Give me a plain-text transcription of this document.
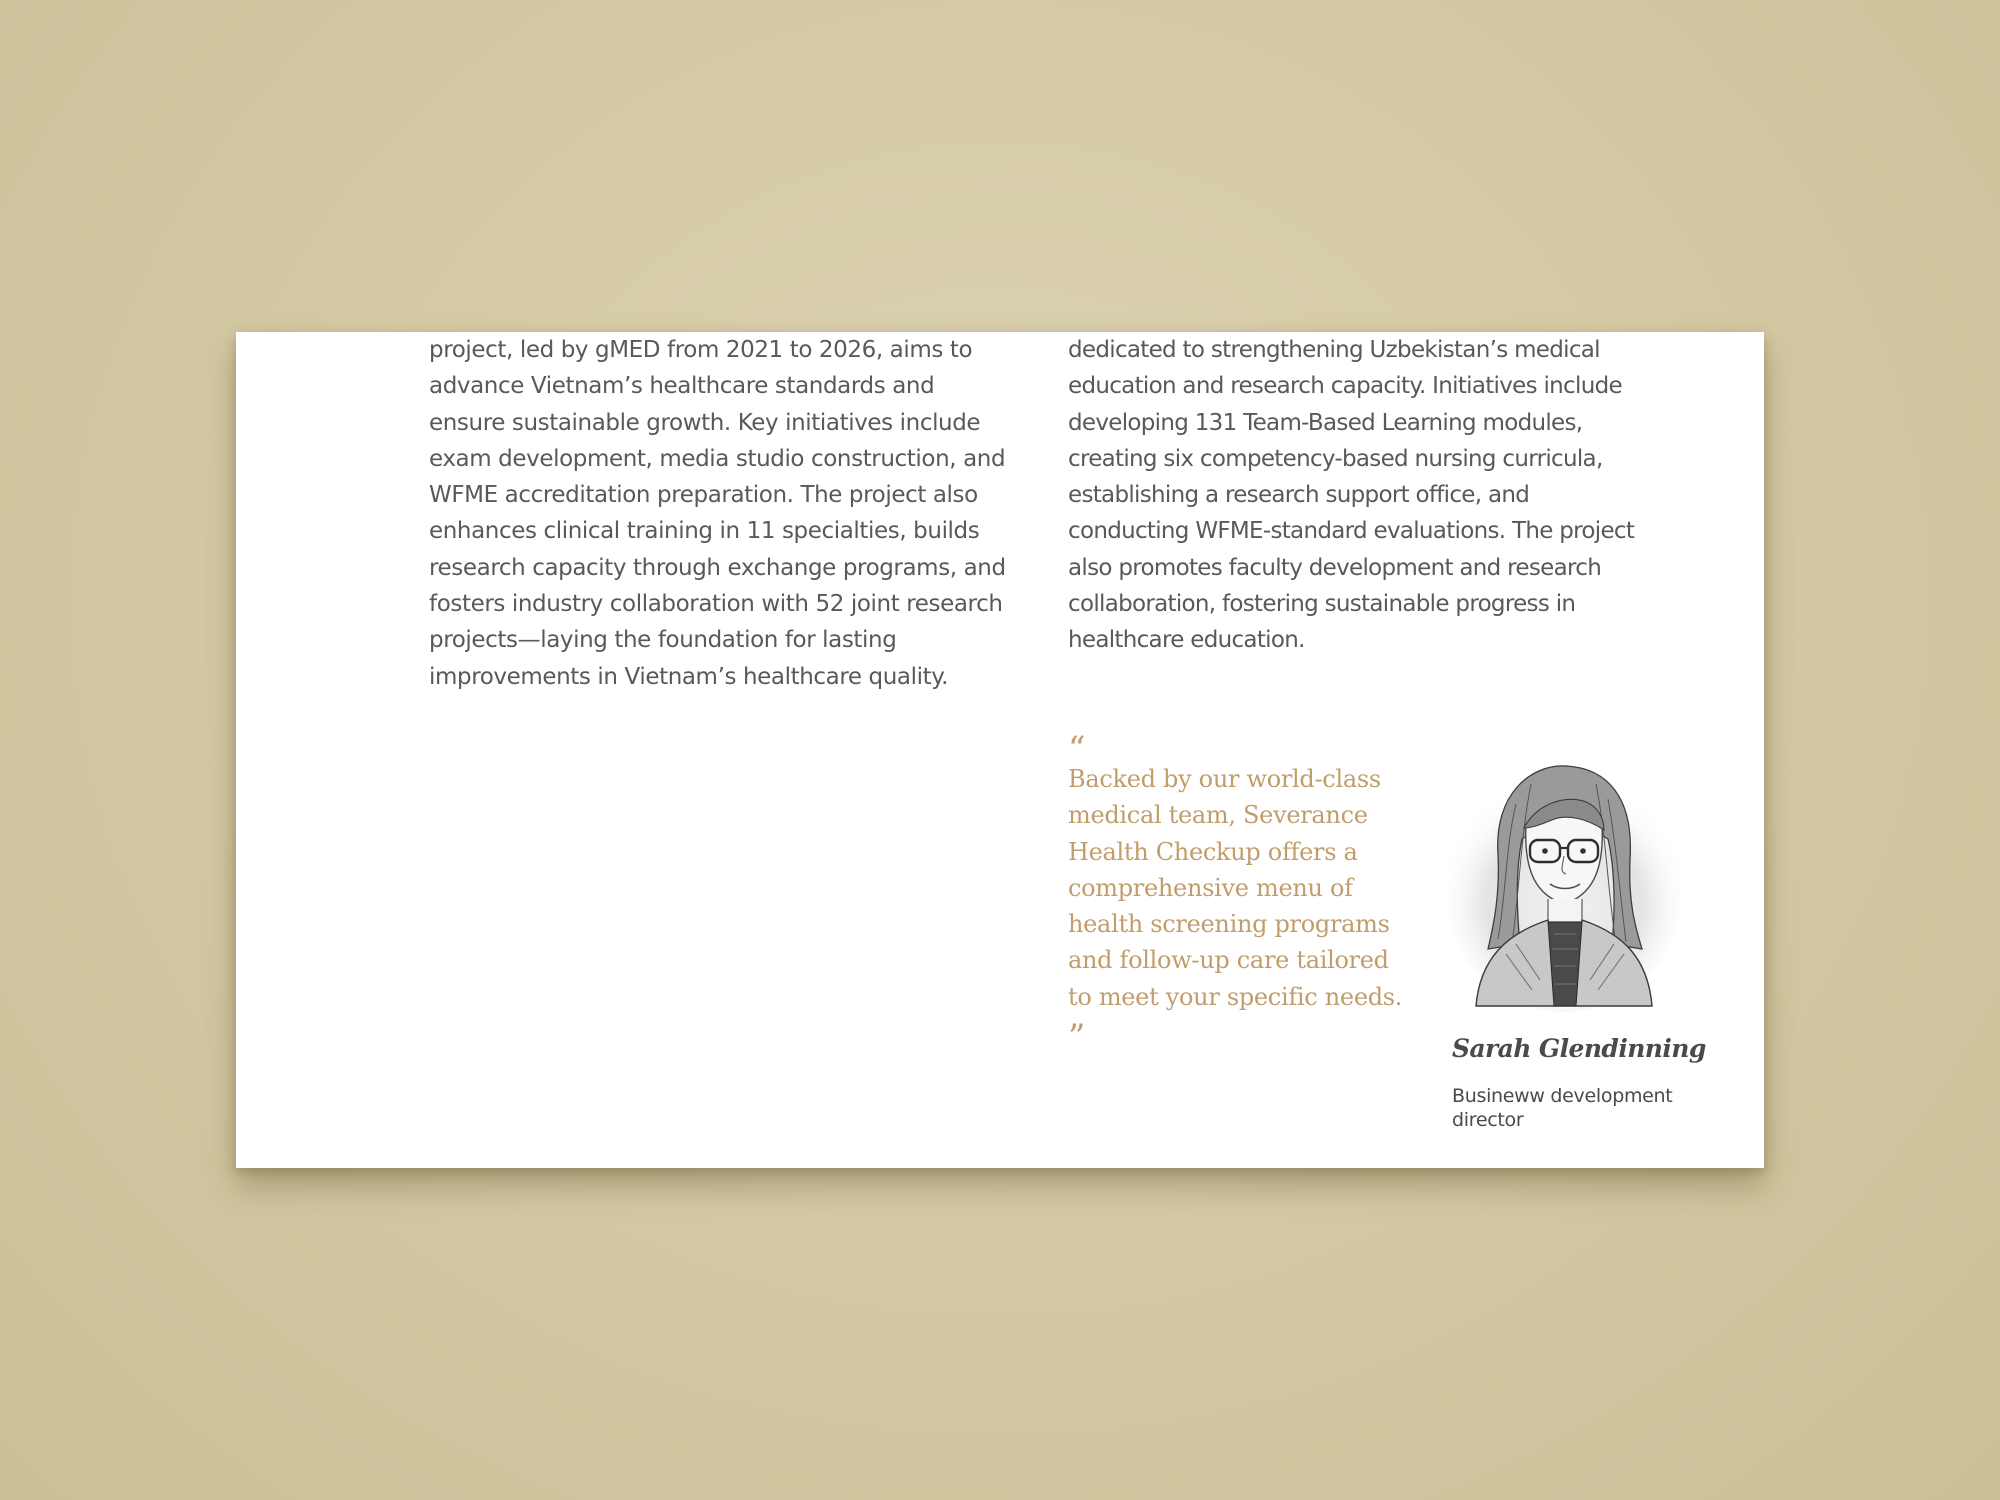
project, led by gMED from 2021 to 2026, aims to advance Vietnam’s healthcare standards and ensure sustainable growth. Key initiatives include exam development, media studio construction, and WFME accreditation preparation. The project also enhances clinical training in 11 specialties, builds research capacity through exchange programs, and fosters industry collaboration with 52 joint research projects—laying the foundation for lasting improvements in Vietnam’s healthcare quality.

dedicated to strengthening Uzbekistan’s medical education and research capacity. Initiatives include developing 131 Team-Based Learning modules, creating six competency-based nursing curricula, establishing a research support office, and conducting WFME-standard evaluations. The project also promotes faculty development and research collaboration, fostering sustainable progress in healthcare education.

“

Backed by our world-class medical team, Severance Health Checkup offers a comprehensive menu of health screening programs and follow-up care tailored to meet your specific needs.

”	Sarah Glendinning
Busineww development director
